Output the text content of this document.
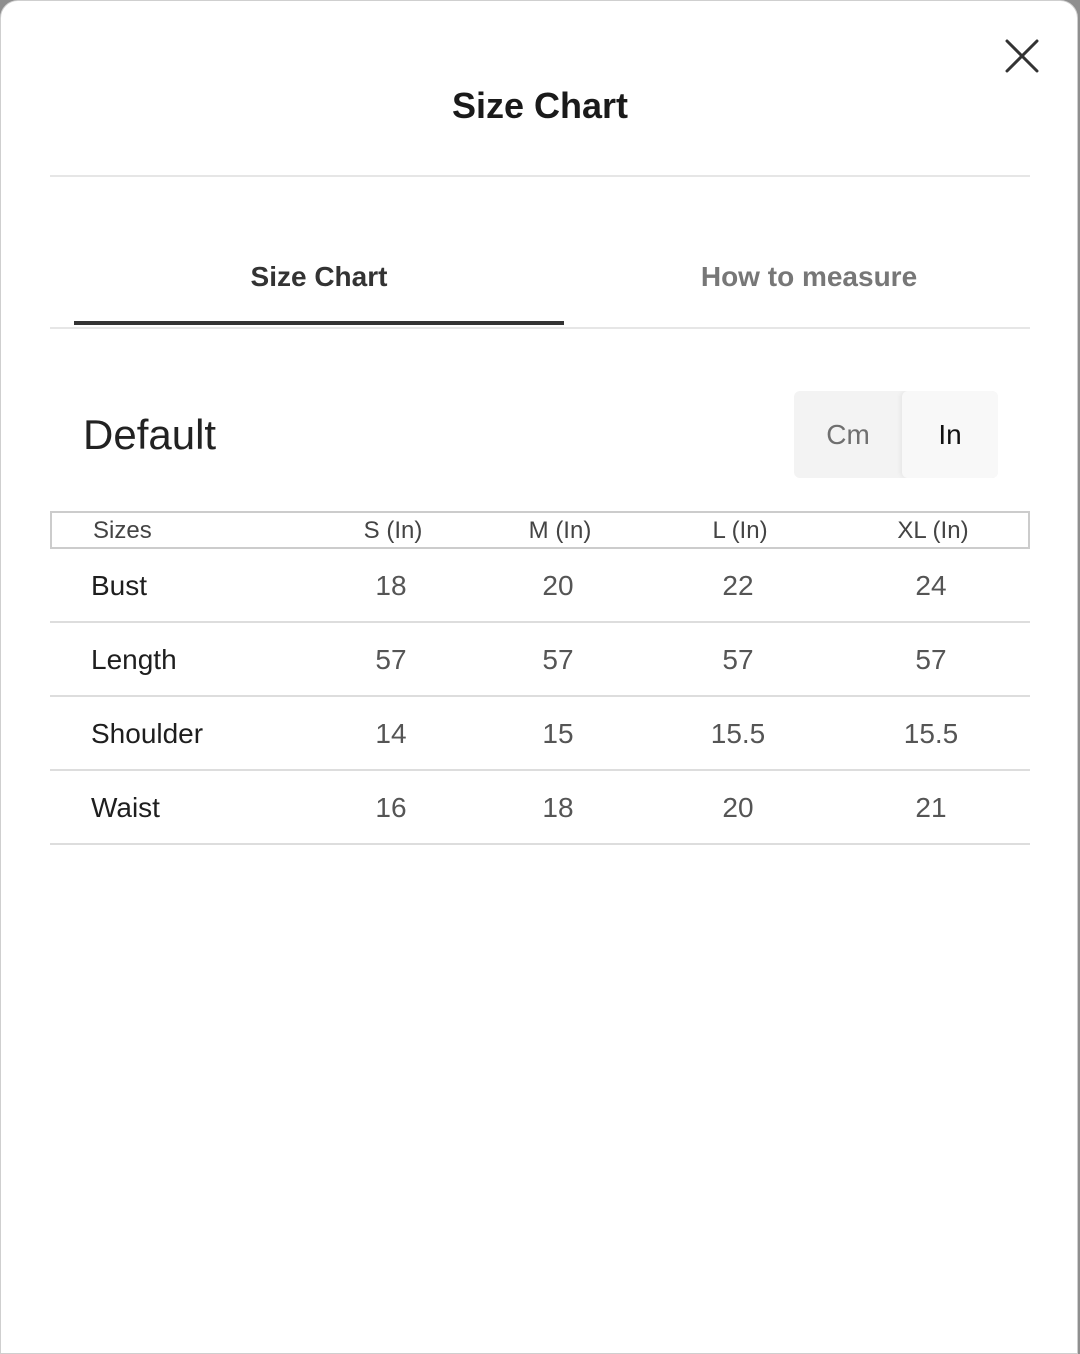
Size Chart
Size Chart	How to measure
Default	Cm	In
Sizes	S (In)	M (In)	L (In)	XL (In)
Bust	18	20	22	24
Length	57	57	57	57
Shoulder	14	15	15.5	15.5
Waist	16	18	20	21
